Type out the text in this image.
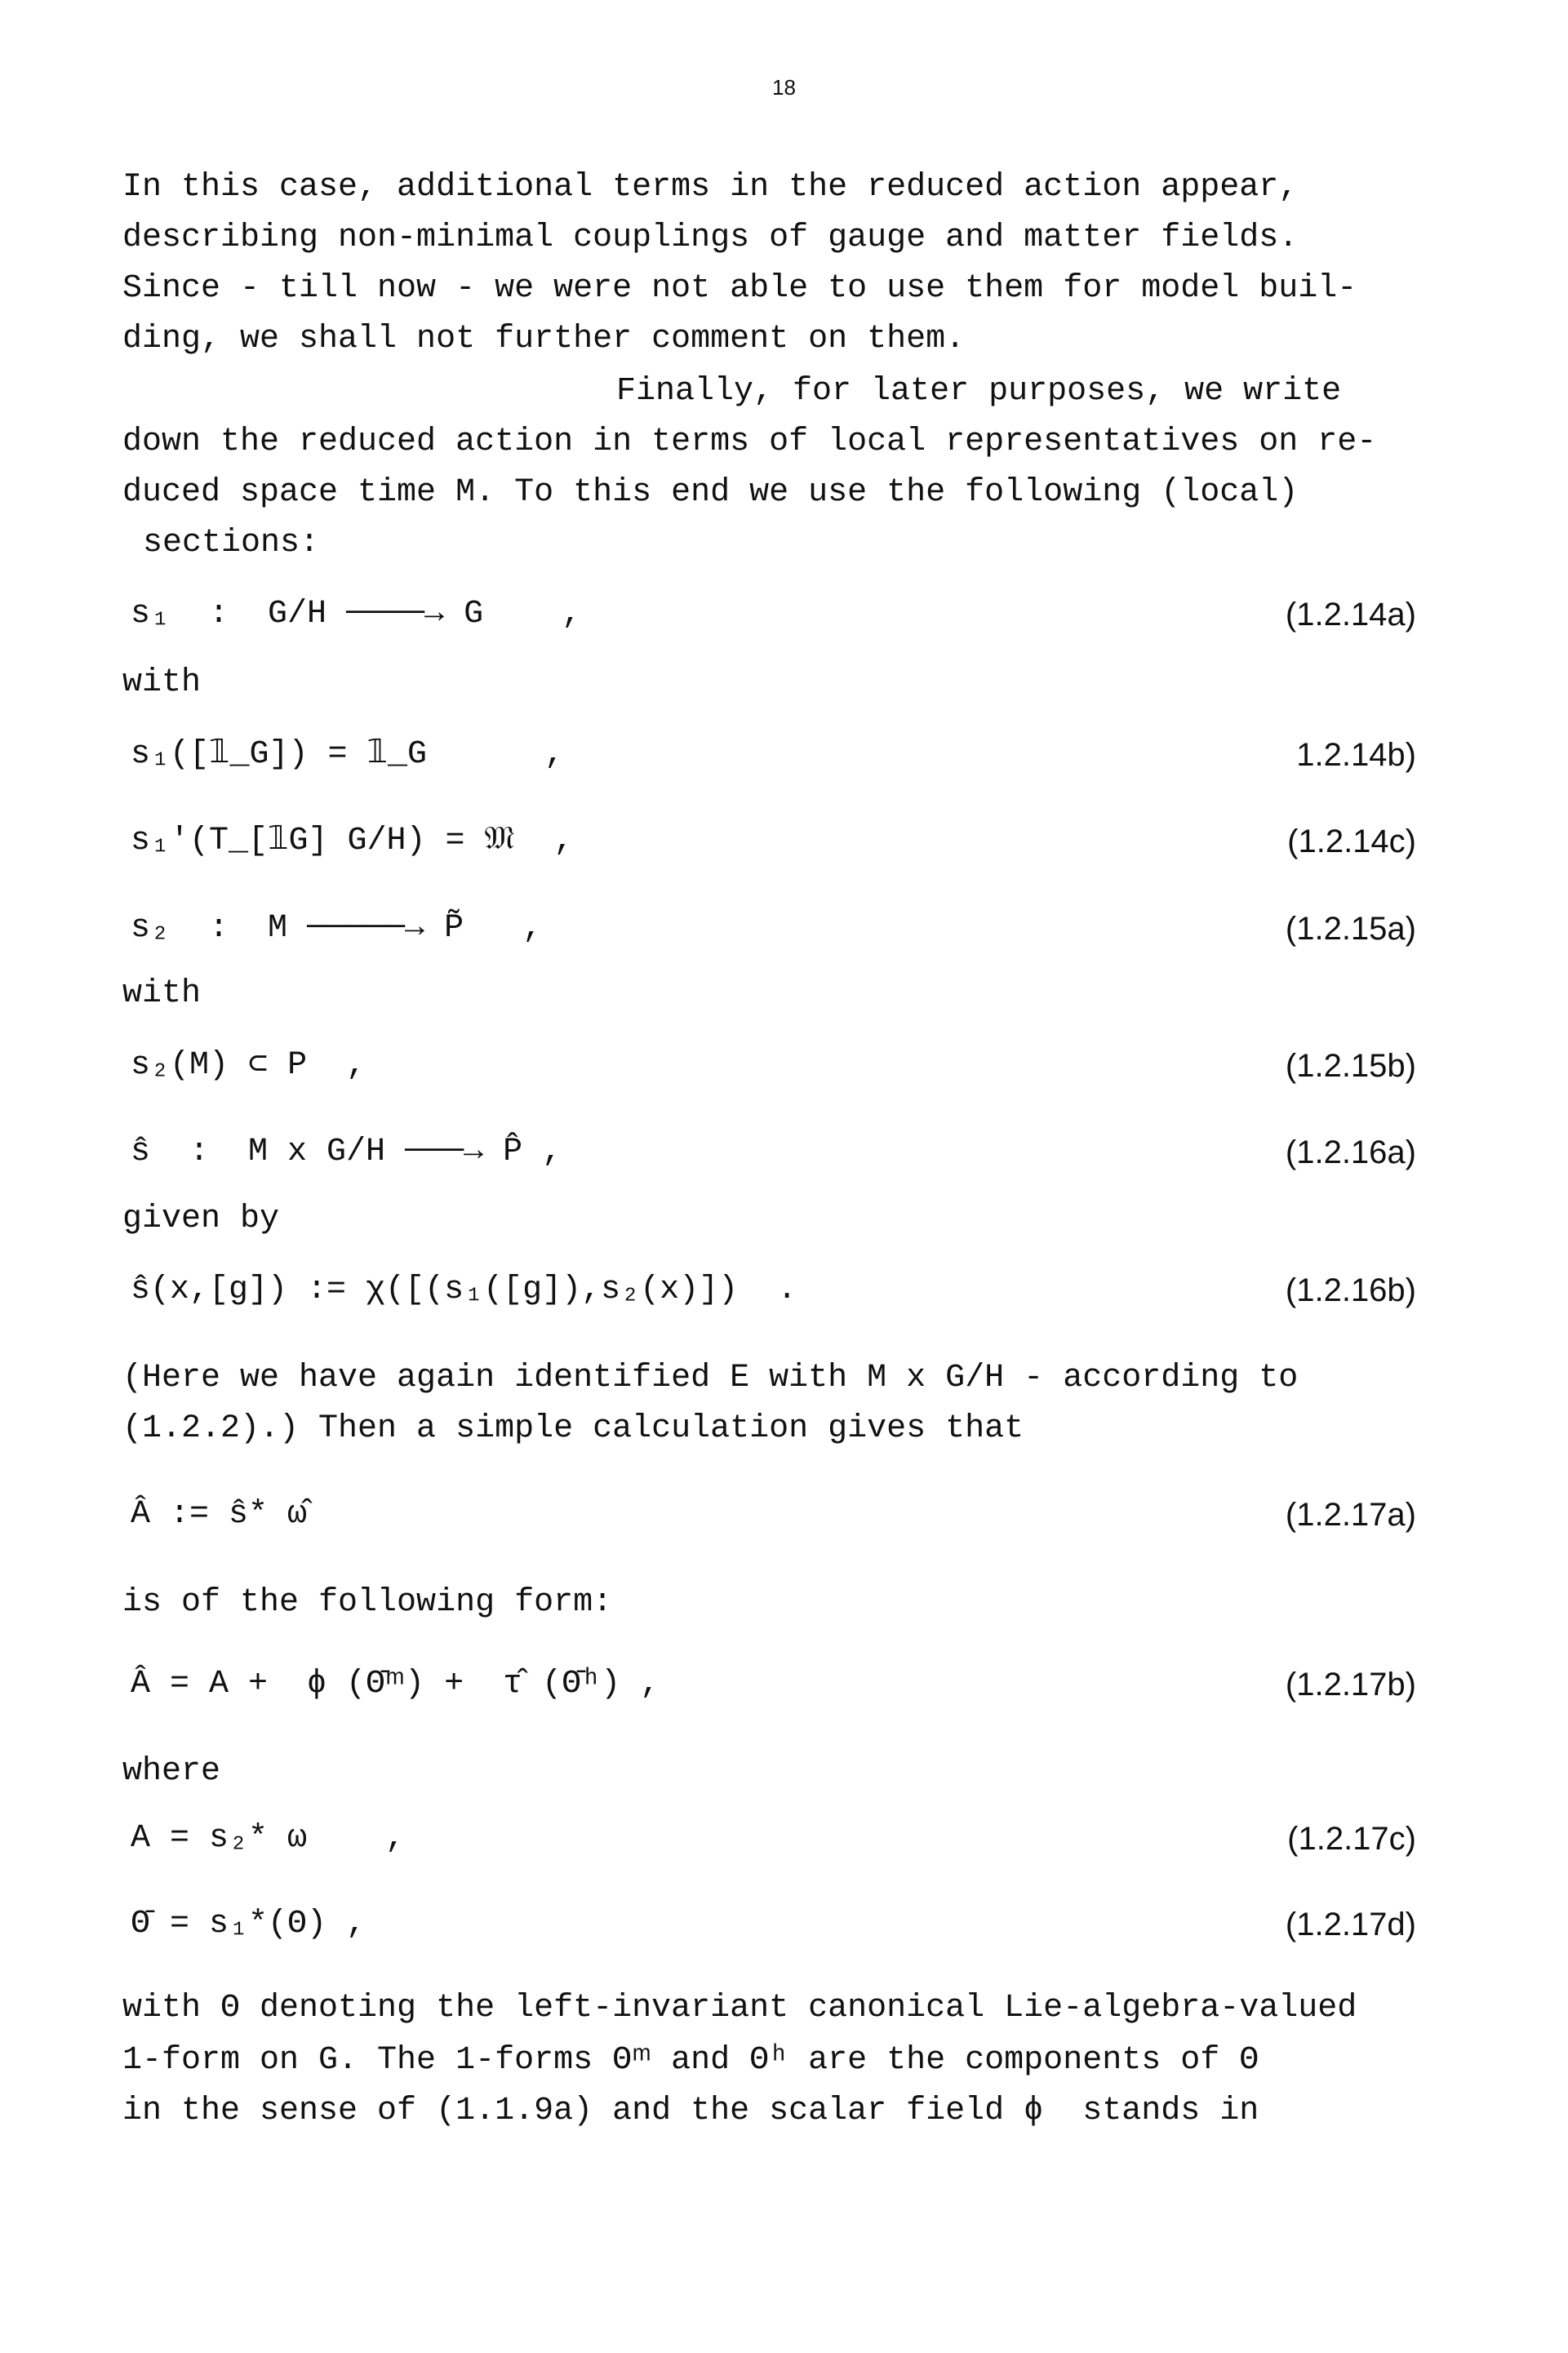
18
In this case, additional terms in the reduced action appear,
describing non-minimal couplings of gauge and matter fields.
Since - till now - we were not able to use them for model buil-
ding, we shall not further comment on them.
Finally, for later purposes, we write
down the reduced action in terms of local representatives on re-
duced space time M. To this end we use the following (local)
sections:
s₁  :  G/H ────→ G    ,	(1.2.14a)
with
s₁([𝟙_G]) = 𝟙_G      ,	1.2.14b)
s₁′(T_[𝟙G] G/H) = 𝔐  ,	(1.2.14c)
s₂  :  M ─────→ P̃   ,	(1.2.15a)
with
s₂(M) ⊂ P  ,	(1.2.15b)
ŝ  :  M x G/H ───→ P̂ ,	(1.2.16a)
given by
ŝ(x,[g]) := χ([(s₁([g]),s₂(x)])  .	(1.2.16b)
(Here we have again identified E with M x G/H - according to
(1.2.2).) Then a simple calculation gives that
Â := ŝ* ω̂	(1.2.17a)
is of the following form:
Â = A +  ϕ (Θ̄ᵐ) +  τ̂ (Θ̄ʰ) ,	(1.2.17b)
where
A = s₂* ω    ,	(1.2.17c)
Θ̄ = s₁*(Θ) ,	(1.2.17d)
with Θ denoting the left-invariant canonical Lie-algebra-valued
1-form on G. The 1-forms Θᵐ and Θʰ are the components of Θ
in the sense of (1.1.9a) and the scalar field ϕ  stands in
